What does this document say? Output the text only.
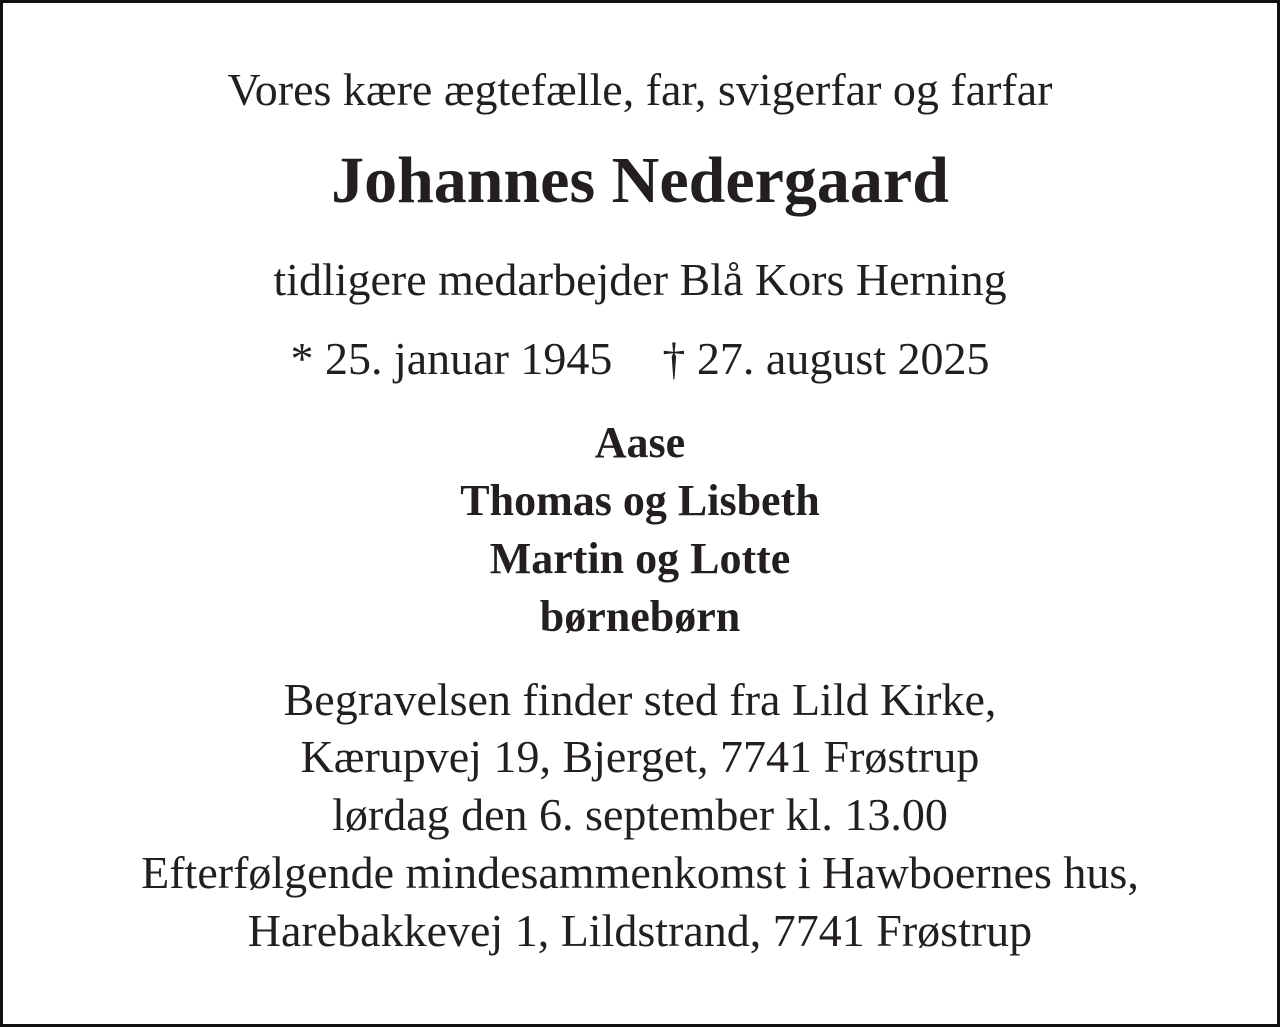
Vores kære ægtefælle, far, svigerfar og farfar
Johannes Nedergaard
tidligere medarbejder Blå Kors Herning
* 25. januar 1945 † 27. august 2025
Aase
Thomas og Lisbeth
Martin og Lotte
børnebørn
Begravelsen finder sted fra Lild Kirke,
Kærupvej 19, Bjerget, 7741 Frøstrup
lørdag den 6. september kl. 13.00
Efterfølgende mindesammenkomst i Hawboernes hus,
Harebakkevej 1, Lildstrand, 7741 Frøstrup
